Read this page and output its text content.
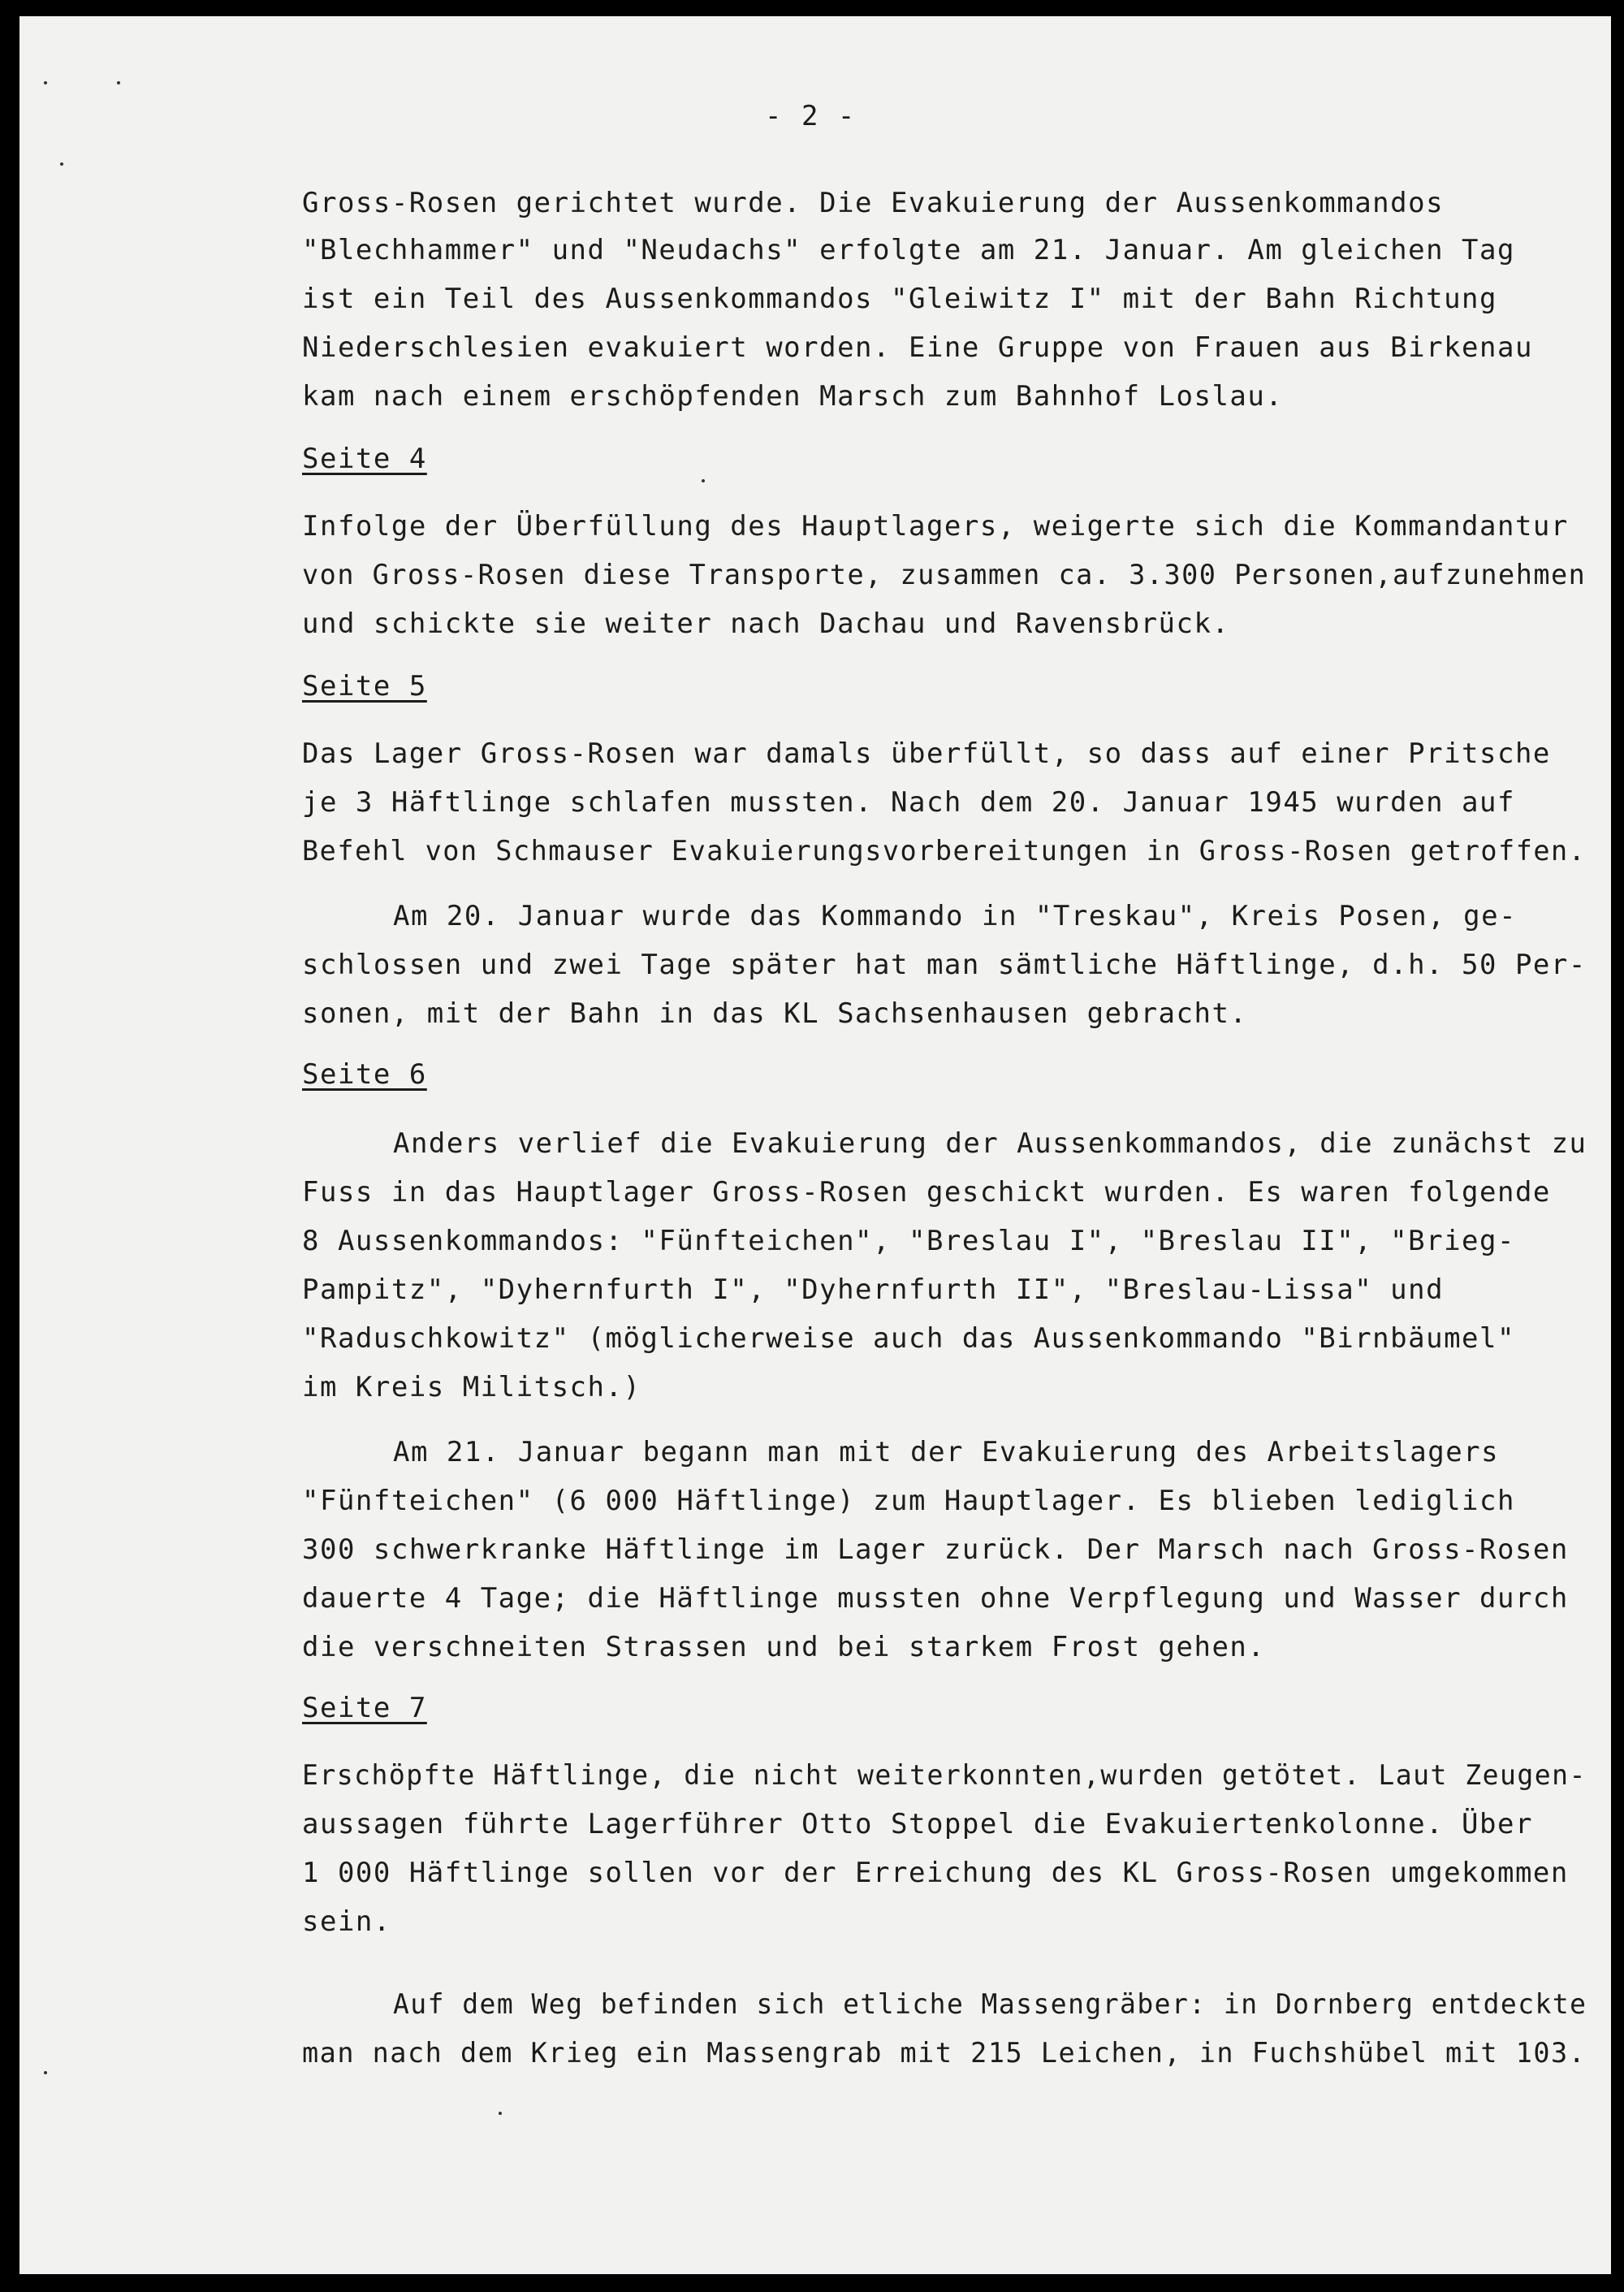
- 2 -

Gross-Rosen gerichtet wurde. Die Evakuierung der Aussenkommandos

"Blechhammer" und "Neudachs" erfolgte am 21. Januar. Am gleichen Tag

ist ein Teil des Aussenkommandos "Gleiwitz I" mit der Bahn Richtung

Niederschlesien evakuiert worden. Eine Gruppe von Frauen aus Birkenau

kam nach einem erschöpfenden Marsch zum Bahnhof Loslau.

Seite 4

Infolge der Überfüllung des Hauptlagers, weigerte sich die Kommandantur

von Gross-Rosen diese Transporte, zusammen ca. 3.300 Personen,aufzunehmen

und schickte sie weiter nach Dachau und Ravensbrück.

Seite 5

Das Lager Gross-Rosen war damals überfüllt, so dass auf einer Pritsche

je 3 Häftlinge schlafen mussten. Nach dem 20. Januar 1945 wurden auf

Befehl von Schmauser Evakuierungsvorbereitungen in Gross-Rosen getroffen.

Am 20. Januar wurde das Kommando in "Treskau", Kreis Posen, ge-

schlossen und zwei Tage später hat man sämtliche Häftlinge, d.h. 50 Per-

sonen, mit der Bahn in das KL Sachsenhausen gebracht.

Seite 6

Anders verlief die Evakuierung der Aussenkommandos, die zunächst zu

Fuss in das Hauptlager Gross-Rosen geschickt wurden. Es waren folgende

8 Aussenkommandos: "Fünfteichen", "Breslau I", "Breslau II", "Brieg-

Pampitz", "Dyhernfurth I", "Dyhernfurth II", "Breslau-Lissa" und

"Raduschkowitz" (möglicherweise auch das Aussenkommando "Birnbäumel"

im Kreis Militsch.)

Am 21. Januar begann man mit der Evakuierung des Arbeitslagers

"Fünfteichen" (6 000 Häftlinge) zum Hauptlager. Es blieben lediglich

300 schwerkranke Häftlinge im Lager zurück. Der Marsch nach Gross-Rosen

dauerte 4 Tage; die Häftlinge mussten ohne Verpflegung und Wasser durch

die verschneiten Strassen und bei starkem Frost gehen.

Seite 7

Erschöpfte Häftlinge, die nicht weiterkonnten,wurden getötet. Laut Zeugen-

aussagen führte Lagerführer Otto Stoppel die Evakuiertenkolonne. Über

1 000 Häftlinge sollen vor der Erreichung des KL Gross-Rosen umgekommen

sein.

Auf dem Weg befinden sich etliche Massengräber: in Dornberg entdeckte

man nach dem Krieg ein Massengrab mit 215 Leichen, in Fuchshübel mit 103.
